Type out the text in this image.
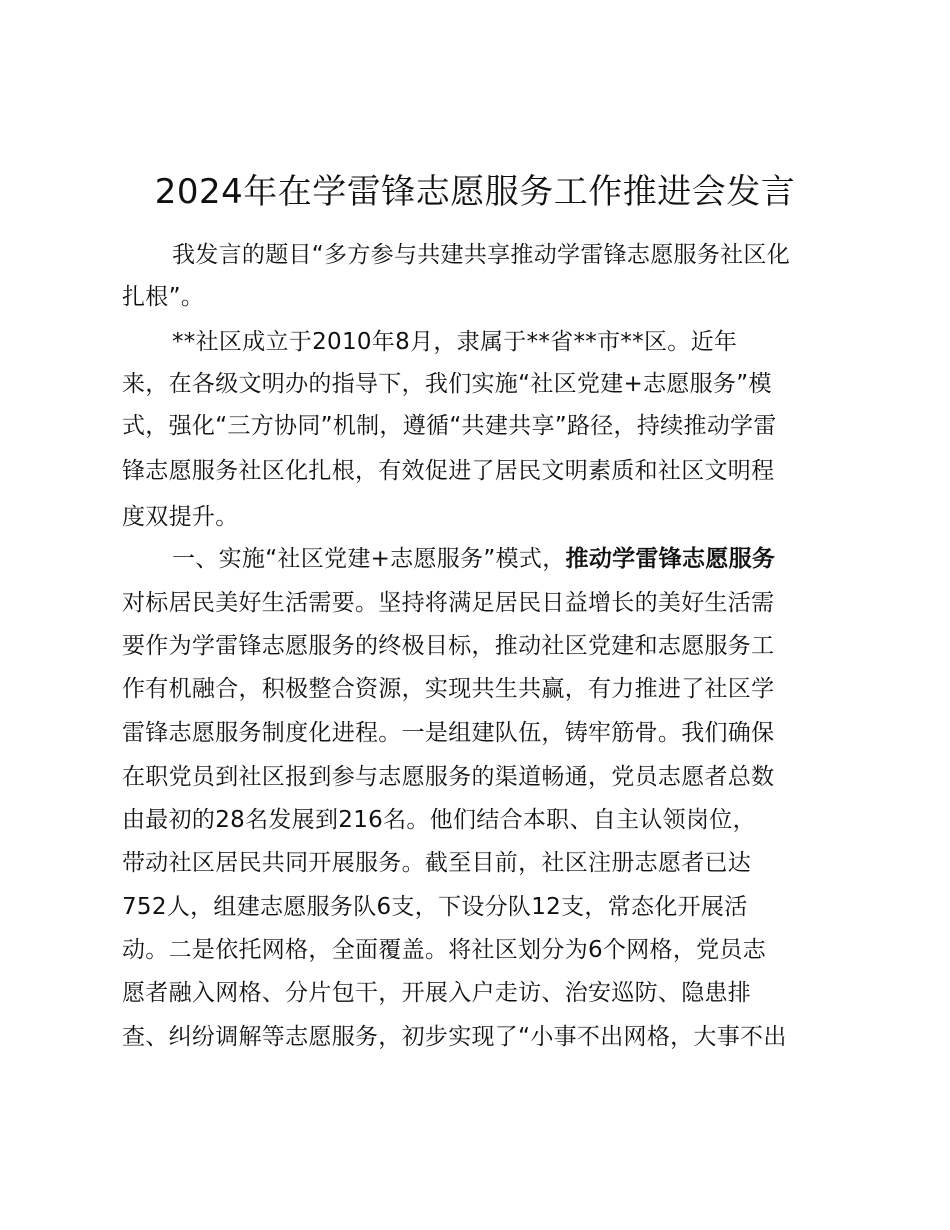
2024年在学雷锋志愿服务工作推进会发言
我发言的题目“多方参与共建共享推动学雷锋志愿服务社区化
扎根”。
**社区成立于2010年8月，隶属于**省**市**区。近年
来，在各级文明办的指导下，我们实施“社区党建+志愿服务”模
式，强化“三方协同”机制，遵循“共建共享”路径，持续推动学雷
锋志愿服务社区化扎根，有效促进了居民文明素质和社区文明程
度双提升。
一、实施“社区党建+志愿服务”模式，推动学雷锋志愿服务
对标居民美好生活需要。坚持将满足居民日益增长的美好生活需
要作为学雷锋志愿服务的终极目标，推动社区党建和志愿服务工
作有机融合，积极整合资源，实现共生共赢，有力推进了社区学
雷锋志愿服务制度化进程。一是组建队伍，铸牢筋骨。我们确保
在职党员到社区报到参与志愿服务的渠道畅通，党员志愿者总数
由最初的28名发展到216名。他们结合本职、自主认领岗位，
带动社区居民共同开展服务。截至目前，社区注册志愿者已达
752人，组建志愿服务队6支，下设分队12支，常态化开展活
动。二是依托网格，全面覆盖。将社区划分为6个网格，党员志
愿者融入网格、分片包干，开展入户走访、治安巡防、隐患排
查、纠纷调解等志愿服务，初步实现了“小事不出网格，大事不出
